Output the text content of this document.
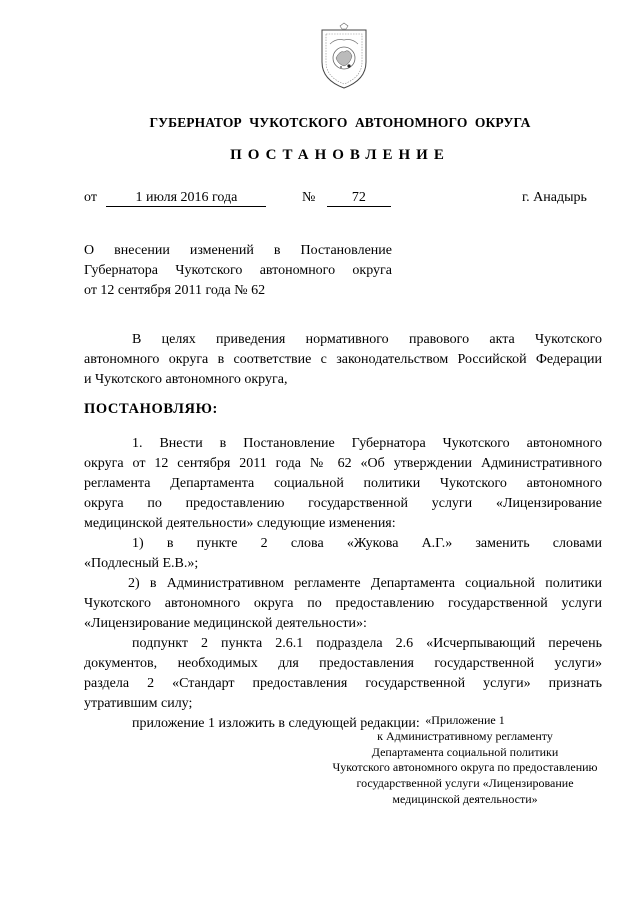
ГУБЕРНАТОР ЧУКОТСКОГО АВТОНОМНОГО ОКРУГА
ПОСТАНОВЛЕНИЕ
от	1 июля 2016 года	№	72	г. Анадырь
О внесении изменений в Постановление
Губернатора Чукотского автономного округа
от 12 сентября 2011 года № 62
В целях приведения нормативного правового акта Чукотского
автономного округа в соответствие с законодательством Российской Федерации
и Чукотского автономного округа,
ПОСТАНОВЛЯЮ:
1. Внести в Постановление Губернатора Чукотского автономного
округа от 12 сентября 2011 года № 62 «Об утверждении Административного
регламента Департамента социальной политики Чукотского автономного
округа по предоставлению государственной услуги «Лицензирование
медицинской деятельности» следующие изменения:
1) в пункте 2 слова «Жукова А.Г.» заменить словами
«Подлесный Е.В.»;
2) в Административном регламенте Департамента социальной политики
Чукотского автономного округа по предоставлению государственной услуги
«Лицензирование медицинской деятельности»:
подпункт 2 пункта 2.6.1 подраздела 2.6 «Исчерпывающий перечень
документов, необходимых для предоставления государственной услуги»
раздела 2 «Стандарт предоставления государственной услуги» признать
утратившим силу;
приложение 1 изложить в следующей редакции: «Приложение 1
к Административному регламенту
Департамента социальной политики
Чукотского автономного округа по предоставлению
государственной услуги «Лицензирование
медицинской деятельности»
